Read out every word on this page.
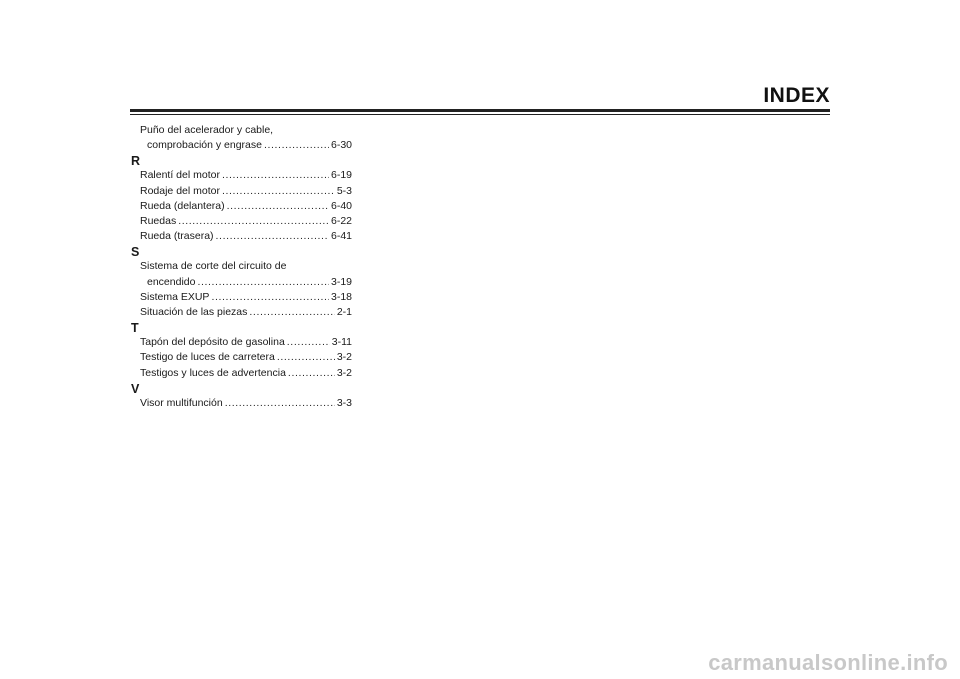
INDEX
Puño del acelerador y cable,
comprobación y engrase .....	6-30
R
Ralentí del motor .....	6-19
Rodaje del motor .....	5-3
Rueda (delantera) .....	6-40
Ruedas .....	6-22
Rueda (trasera) .....	6-41
S
Sistema de corte del circuito de
encendido .....	3-19
Sistema EXUP .....	3-18
Situación de las piezas .....	2-1
T
Tapón del depósito de gasolina .....	3-11
Testigo de luces de carretera .....	3-2
Testigos y luces de advertencia .....	3-2
V
Visor multifunción .....	3-3
carmanualsonline.info
